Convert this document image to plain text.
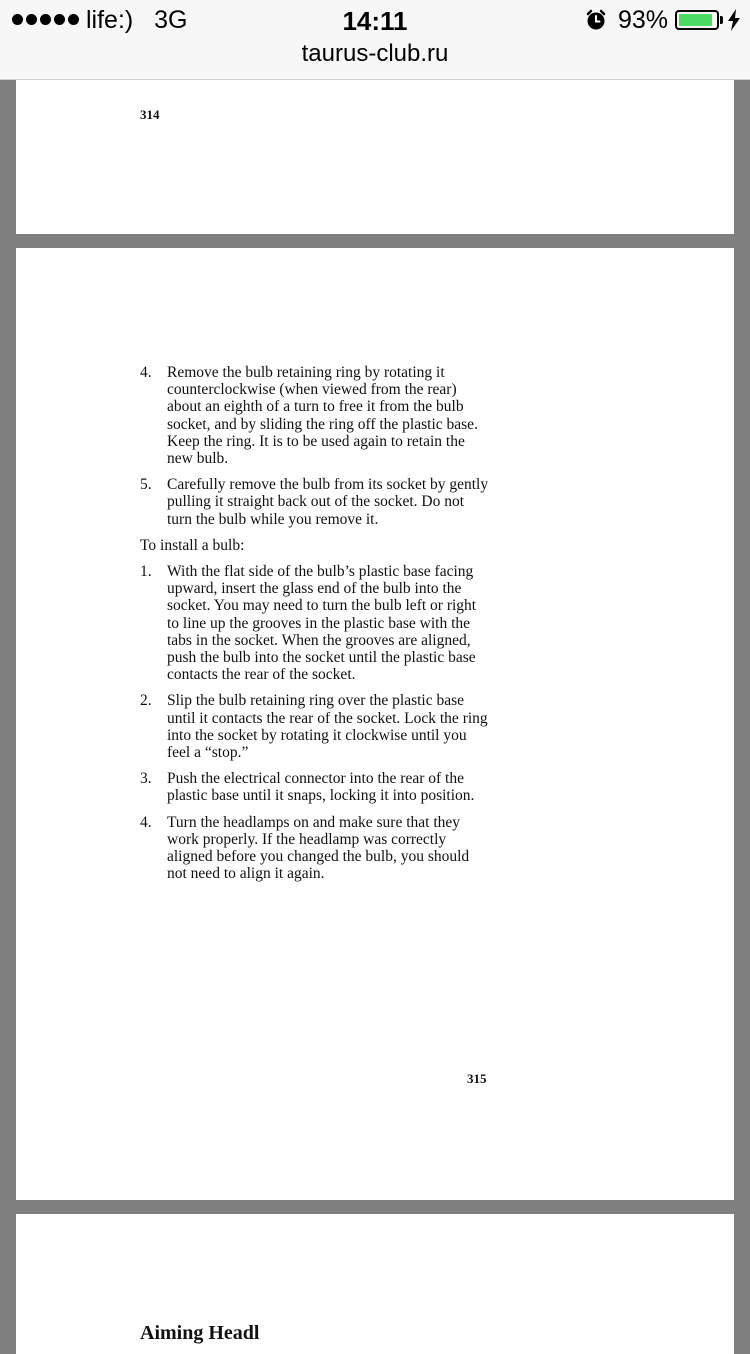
life:) 3G	14:11	93%
taurus-club.ru
314
4. Remove the bulb retaining ring by rotating it counterclockwise (when viewed from the rear) about an eighth of a turn to free it from the bulb socket, and by sliding the ring off the plastic base. Keep the ring. It is to be used again to retain the new bulb.
5. Carefully remove the bulb from its socket by gently pulling it straight back out of the socket. Do not turn the bulb while you remove it.
To install a bulb:
1. With the flat side of the bulb’s plastic base facing upward, insert the glass end of the bulb into the socket. You may need to turn the bulb left or right to line up the grooves in the plastic base with the tabs in the socket. When the grooves are aligned, push the bulb into the socket until the plastic base contacts the rear of the socket.
2. Slip the bulb retaining ring over the plastic base until it contacts the rear of the socket. Lock the ring into the socket by rotating it clockwise until you feel a “stop.”
3. Push the electrical connector into the rear of the plastic base until it snaps, locking it into position.
4. Turn the headlamps on and make sure that they work properly. If the headlamp was correctly aligned before you changed the bulb, you should not need to align it again.
315
Aiming Headl
